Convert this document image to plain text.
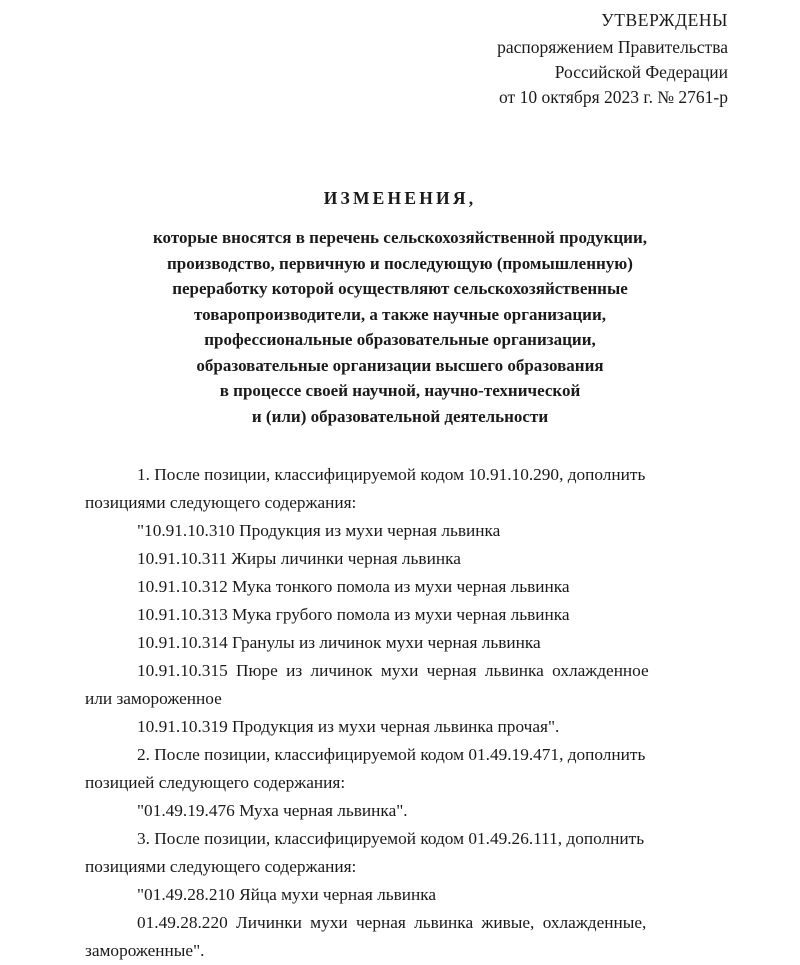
УТВЕРЖДЕНЫ
распоряжением Правительства
Российской Федерации
от 10 октября 2023 г. № 2761-р
ИЗМЕНЕНИЯ,
которые вносятся в перечень сельскохозяйственной продукции,
производство, первичную и последующую (промышленную)
переработку которой осуществляют сельскохозяйственные
товаропроизводители, а также научные организации,
профессиональные образовательные организации,
образовательные организации высшего образования
в процессе своей научной, научно-технической
и (или) образовательной деятельности

1. После позиции, классифицируемой кодом 10.91.10.290, дополнить

позициями следующего содержания:

"10.91.10.310 Продукция из мухи черная львинка

10.91.10.311 Жиры личинки черная львинка

10.91.10.312 Мука тонкого помола из мухи черная львинка

10.91.10.313 Мука грубого помола из мухи черная львинка

10.91.10.314 Гранулы из личинок мухи черная львинка

10.91.10.315 Пюре из личинок мухи черная львинка охлажденное

или замороженное

10.91.10.319 Продукция из мухи черная львинка прочая".

2. После позиции, классифицируемой кодом 01.49.19.471, дополнить

позицией следующего содержания:

"01.49.19.476 Муха черная львинка".

3. После позиции, классифицируемой кодом 01.49.26.111, дополнить

позициями следующего содержания:

"01.49.28.210 Яйца мухи черная львинка

01.49.28.220 Личинки мухи черная львинка живые, охлажденные,

замороженные".
